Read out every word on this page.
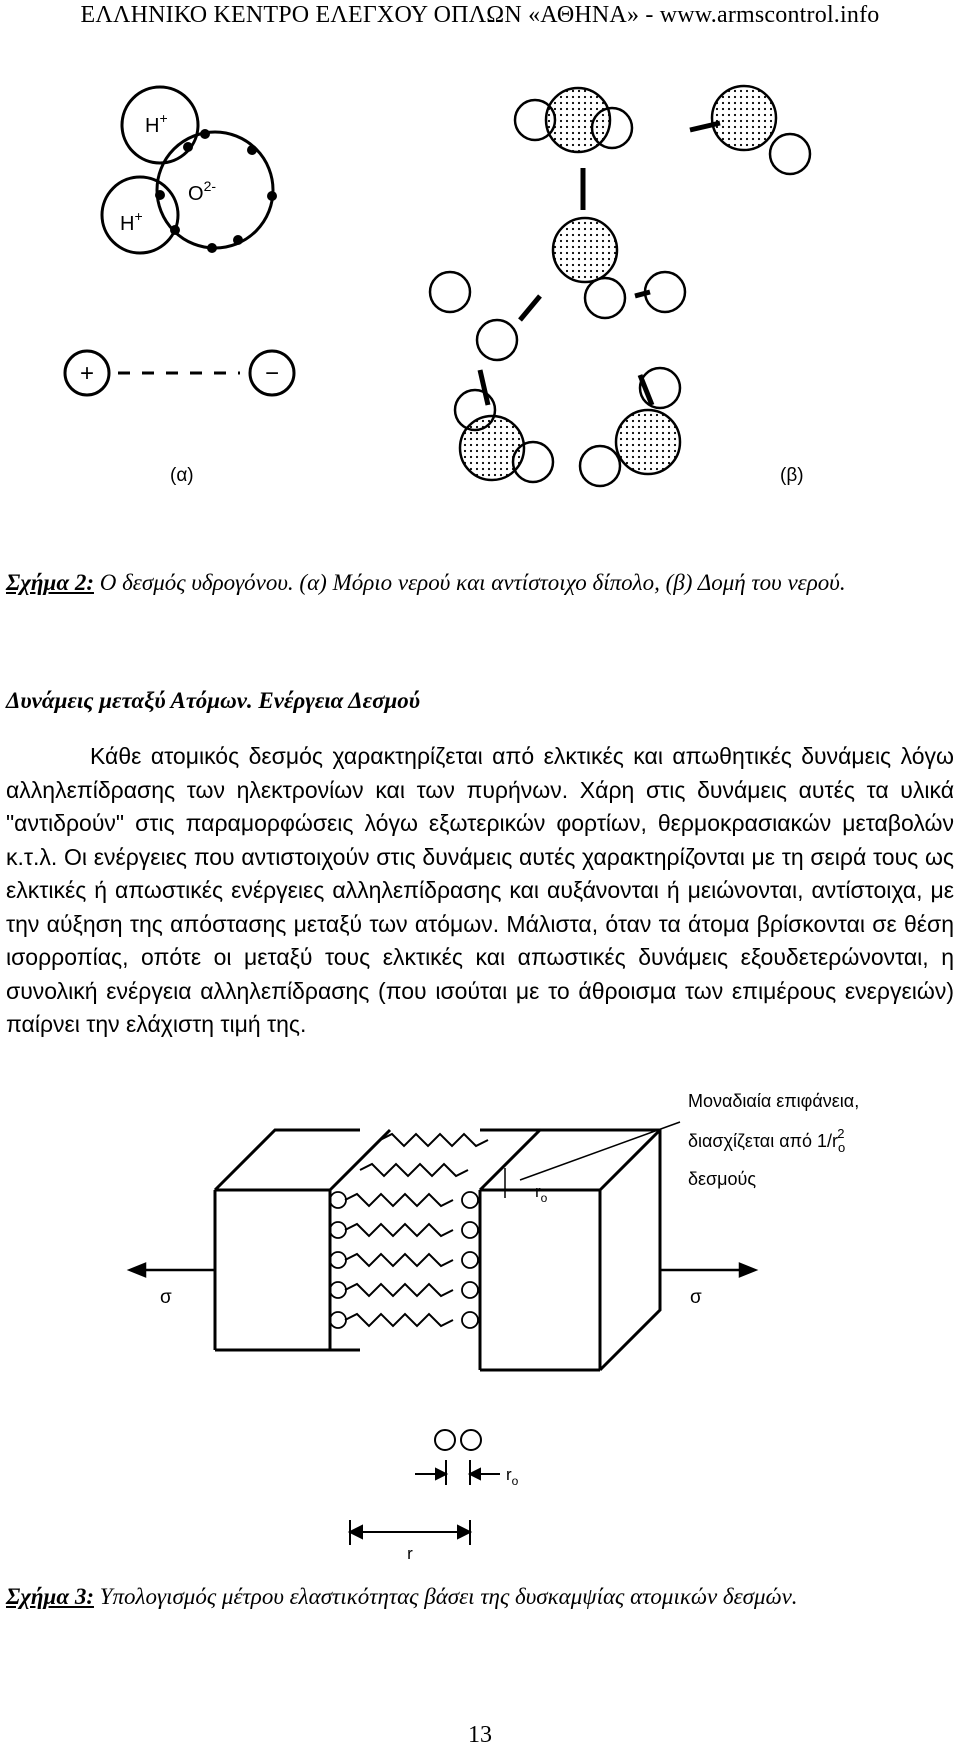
ΕΛΛΗΝΙΚΟ ΚΕΝΤΡΟ ΕΛΕΓΧΟΥ ΟΠΛΩΝ «ΑΘΗΝΑ» - www.armscontrol.info
H+
$O^{2-}$
H+
+	−
(α)	(β)
Σχήμα 2: Ο δεσμός υδρογόνου. (α) Μόριο νερού και αντίστοιχο δίπολο, (β) Δομή του νερού.
Δυνάμεις μεταξύ Ατόμων. Ενέργεια Δεσμού
Κάθε ατομικός δεσμός χαρακτηρίζεται από ελκτικές και απωθητικές δυνάμεις λόγω αλληλεπίδρασης των ηλεκτρονίων και των πυρήνων. Χάρη στις δυνάμεις αυτές τα υλικά "αντιδρούν" στις παραμορφώσεις λόγω εξωτερικών φορτίων, θερμοκρασιακών μεταβολών κ.τ.λ. Οι ενέργειες που αντιστοιχούν στις δυνάμεις αυτές χαρακτηρίζονται με τη σειρά τους ως ελκτικές ή απωστικές ενέργειες αλληλεπίδρασης και αυξάνονται ή μειώνονται, αντίστοιχα, με την αύξηση της απόστασης μεταξύ των ατόμων. Μάλιστα, όταν τα άτομα βρίσκονται σε θέση ισορροπίας, οπότε οι μεταξύ τους ελκτικές και απωστικές δυνάμεις εξουδετερώνονται, η συνολική ενέργεια αλληλεπίδρασης (που ισούται με το άθροισμα των επιμέρους ενεργειών) παίρνει την ελάχιστη τιμή της.
Μοναδιαία επιφάνεια,
διασχίζεται από $1/r_o2$
δεσμούς
$r_o$
σ	σ
$r_o$
r
Σχήμα 3: Υπολογισμός μέτρου ελαστικότητας βάσει της δυσκαμψίας ατομικών δεσμών.
13
